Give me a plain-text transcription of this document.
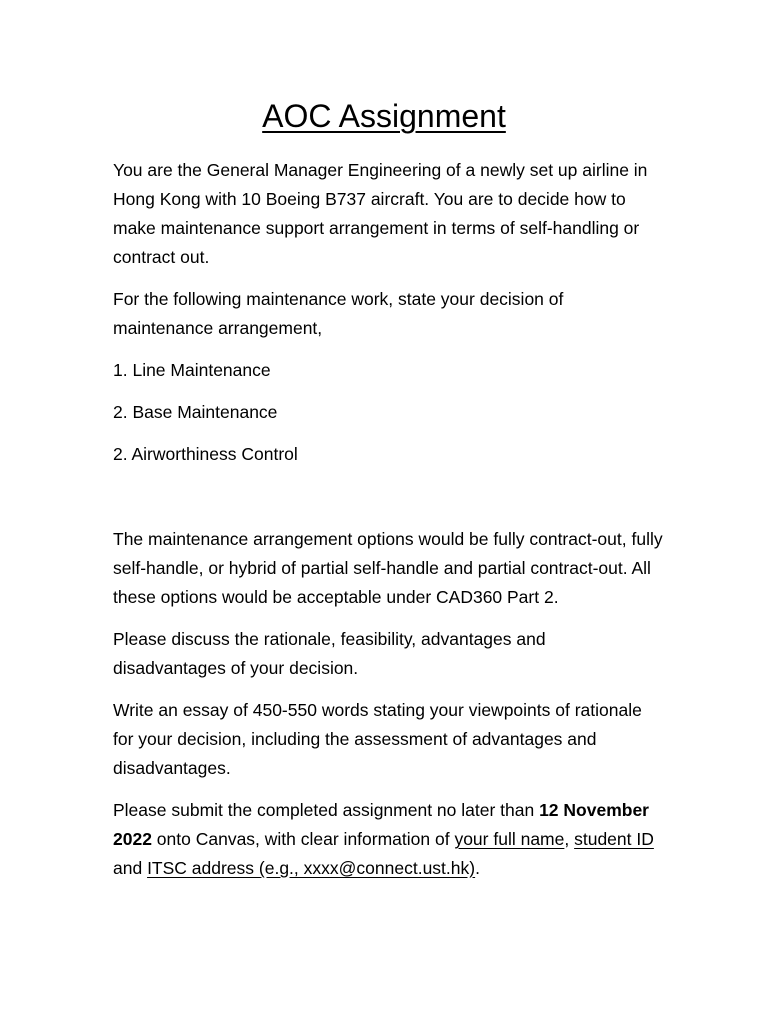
AOC Assignment

You are the General Manager Engineering of a newly set up airline in Hong Kong with 10 Boeing B737 aircraft. You are to decide how to make maintenance support arrangement in terms of self-handling or contract out.

For the following maintenance work, state your decision of maintenance arrangement,

1. Line Maintenance

2. Base Maintenance

2. Airworthiness Control

The maintenance arrangement options would be fully contract-out, fully self-handle, or hybrid of partial self-handle and partial contract-out. All these options would be acceptable under CAD360 Part 2.

Please discuss the rationale, feasibility, advantages and disadvantages of your decision.

Write an essay of 450-550 words stating your viewpoints of rationale for your decision, including the assessment of advantages and disadvantages.

Please submit the completed assignment no later than 12 November 2022 onto Canvas, with clear information of your full name, student ID and ITSC address (e.g., xxxx@connect.ust.hk).
